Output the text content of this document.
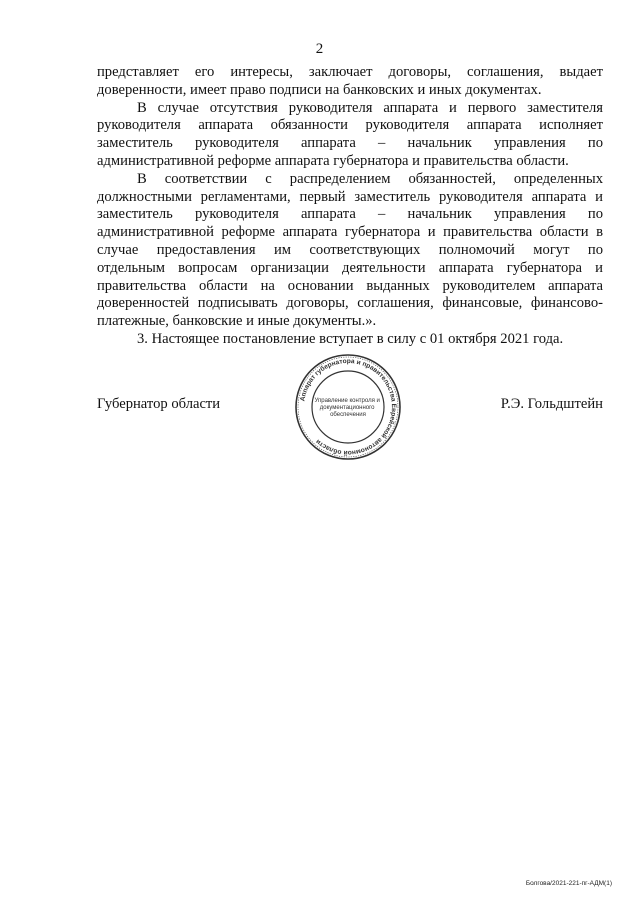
2
представляет его интересы, заключает договоры, соглашения, выдает
доверенности, имеет право подписи на банковских и иных документах.
В случае отсутствия руководителя аппарата и первого заместителя
руководителя аппарата обязанности руководителя аппарата исполняет
заместитель руководителя аппарата – начальник управления по
административной реформе аппарата губернатора и правительства области.
В соответствии с распределением обязанностей, определенных
должностными регламентами, первый заместитель руководителя аппарата и
заместитель руководителя аппарата – начальник управления по
административной реформе аппарата губернатора и правительства области в
случае предоставления им соответствующих полномочий могут по
отдельным вопросам организации деятельности аппарата губернатора и
правительства области на основании выданных руководителем аппарата
доверенностей подписывать договоры, соглашения, финансовые, финансово-
платежные, банковские и иные документы.».
3. Настоящее постановление вступает в силу с 01 октября 2021 года.
Губернатор области	Р.Э. Гольдштейн
Аппарат губернатора и правительства Еврейской автономной области
Управление контроля и документационного обеспечения
Болгова/2021-221-пг-АДМ(1)
